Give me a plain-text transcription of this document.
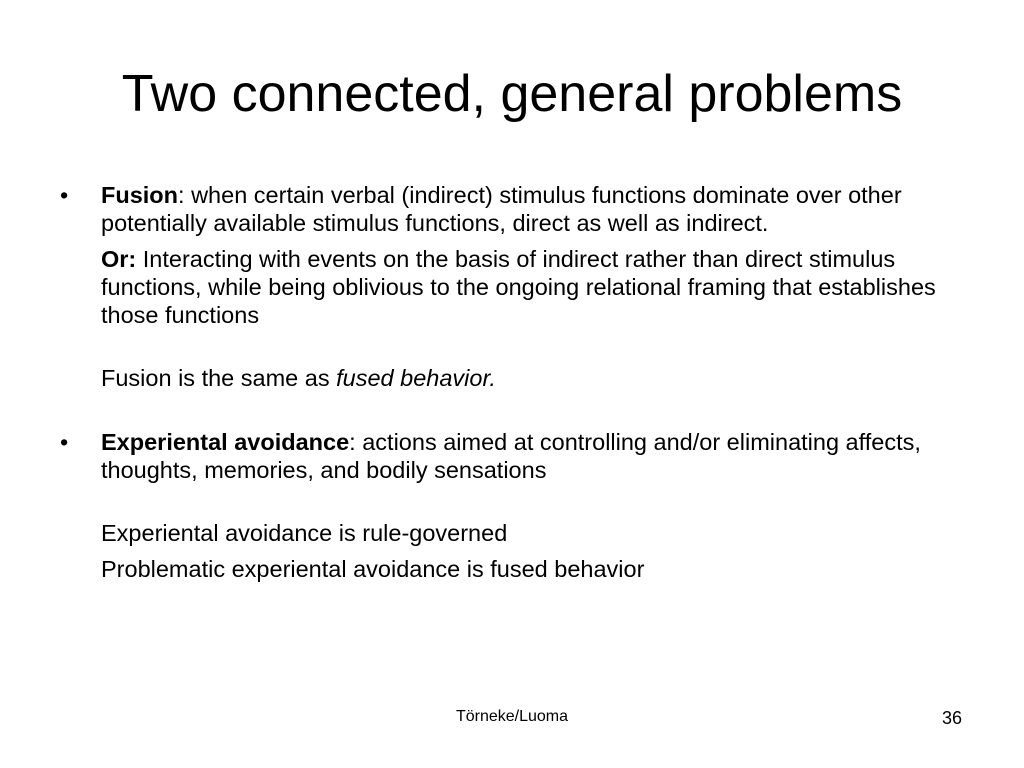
Two connected, general problems
•	Fusion: when certain verbal (indirect) stimulus functions dominate over other potentially available stimulus functions, direct as well as indirect.
Or: Interacting with events on the basis of indirect rather than direct stimulus functions, while being oblivious to the ongoing relational framing that establishes those functions
Fusion is the same as fused behavior.
•	Experiental avoidance: actions aimed at controlling and/or eliminating affects, thoughts, memories, and bodily sensations
Experiental avoidance is rule-governed
Problematic experiental avoidance is fused behavior
Törneke/Luoma	36
